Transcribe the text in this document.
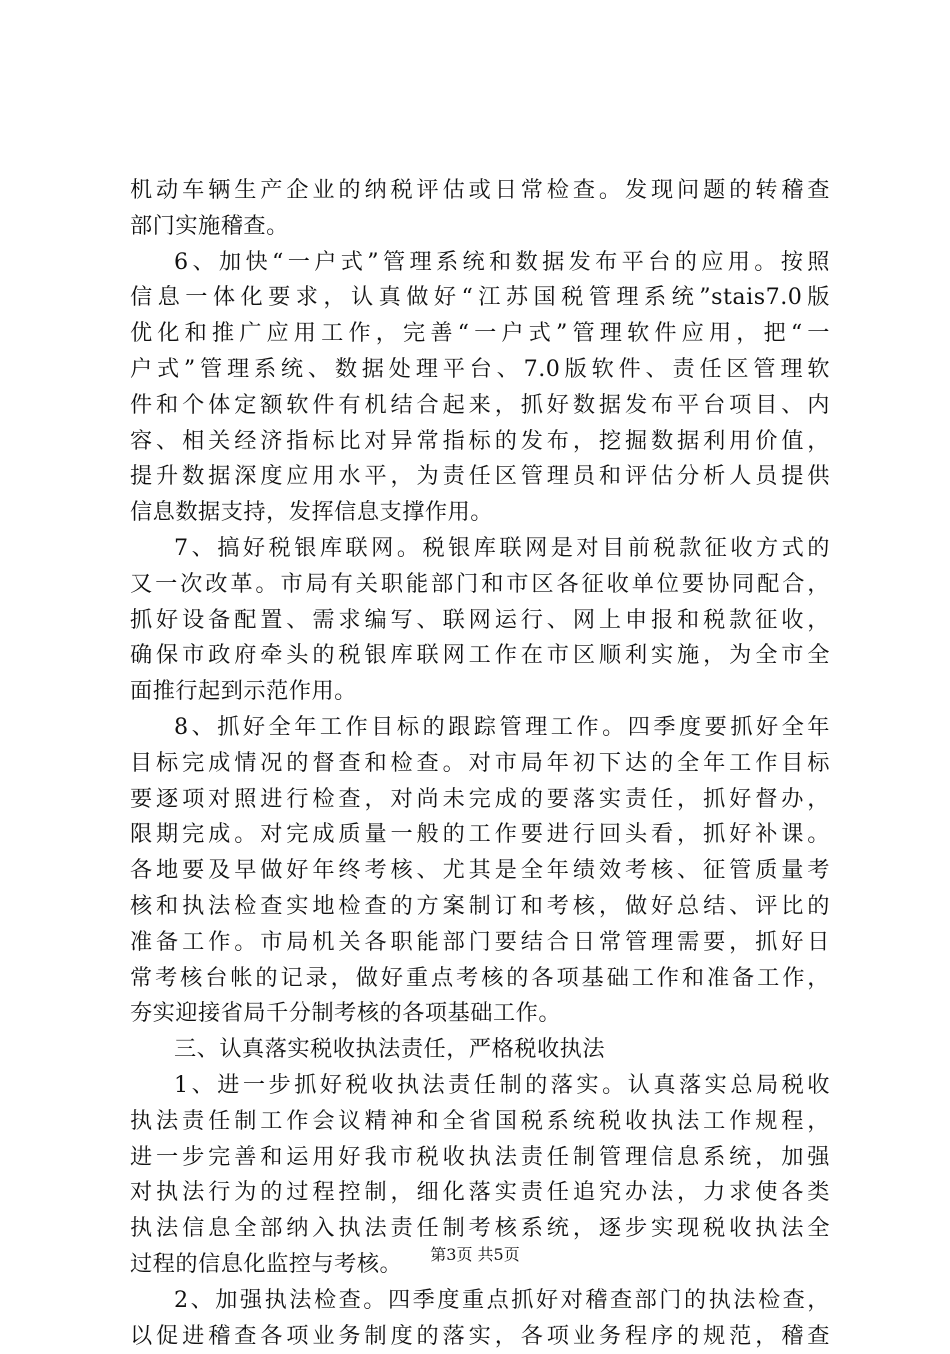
机动车辆生产企业的纳税评估或日常检查。发现问题的转稽查
部门实施稽查。
6、加快“一户式”管理系统和数据发布平台的应用。按照
信息一体化要求，认真做好“江苏国税管理系统”stais7.0版
优化和推广应用工作，完善“一户式”管理软件应用，把“一
户式”管理系统、数据处理平台、7.0版软件、责任区管理软
件和个体定额软件有机结合起来，抓好数据发布平台项目、内
容、相关经济指标比对异常指标的发布，挖掘数据利用价值，
提升数据深度应用水平，为责任区管理员和评估分析人员提供
信息数据支持，发挥信息支撑作用。
7、搞好税银库联网。税银库联网是对目前税款征收方式的
又一次改革。市局有关职能部门和市区各征收单位要协同配合，
抓好设备配置、需求编写、联网运行、网上申报和税款征收，
确保市政府牵头的税银库联网工作在市区顺利实施，为全市全
面推行起到示范作用。
8、抓好全年工作目标的跟踪管理工作。四季度要抓好全年
目标完成情况的督查和检查。对市局年初下达的全年工作目标
要逐项对照进行检查，对尚未完成的要落实责任，抓好督办，
限期完成。对完成质量一般的工作要进行回头看，抓好补课。
各地要及早做好年终考核、尤其是全年绩效考核、征管质量考
核和执法检查实地检查的方案制订和考核，做好总结、评比的
准备工作。市局机关各职能部门要结合日常管理需要，抓好日
常考核台帐的记录，做好重点考核的各项基础工作和准备工作，
夯实迎接省局千分制考核的各项基础工作。
三、认真落实税收执法责任，严格税收执法
1、进一步抓好税收执法责任制的落实。认真落实总局税收
执法责任制工作会议精神和全省国税系统税收执法工作规程，
进一步完善和运用好我市税收执法责任制管理信息系统，加强
对执法行为的过程控制，细化落实责任追究办法，力求使各类
执法信息全部纳入执法责任制考核系统，逐步实现税收执法全
过程的信息化监控与考核。
2、加强执法检查。四季度重点抓好对稽查部门的执法检查，
以促进稽查各项业务制度的落实，各项业务程序的规范，稽查
第3页 共5页
